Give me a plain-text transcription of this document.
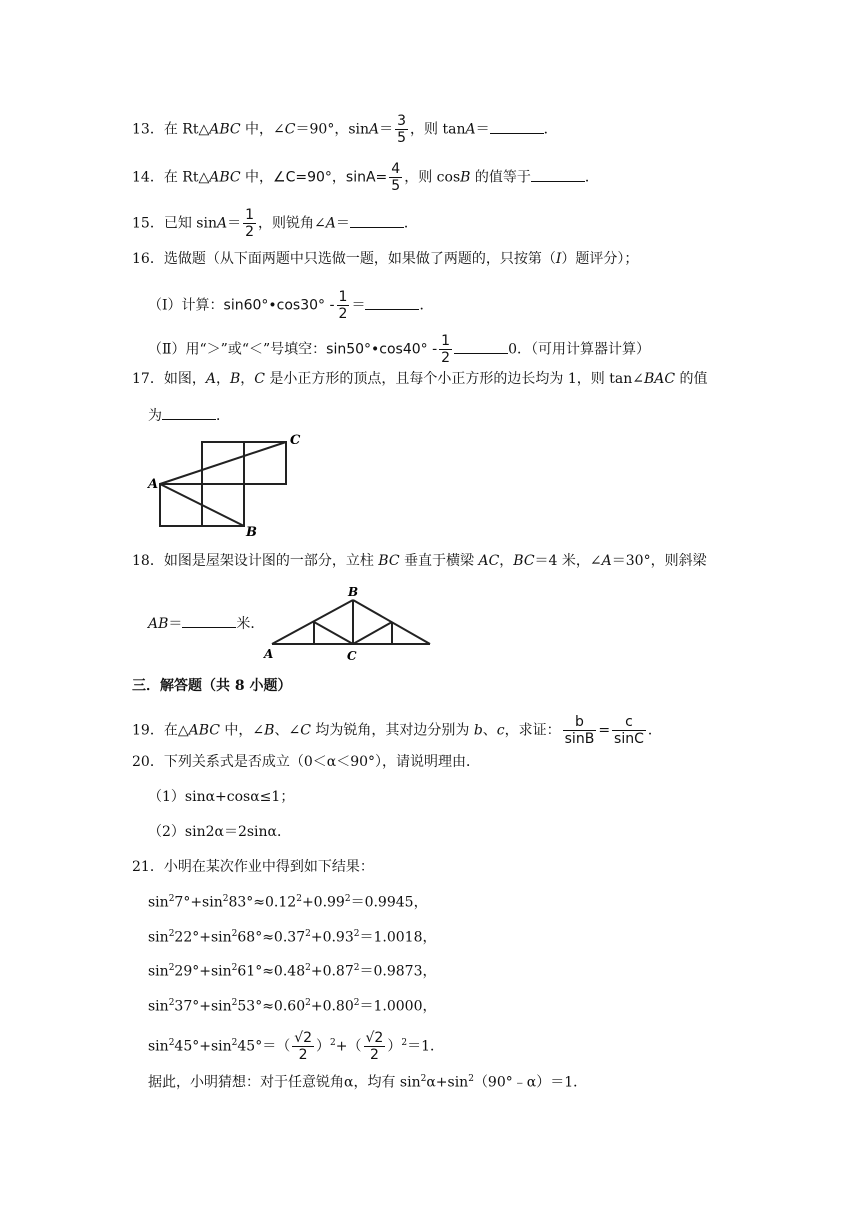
13．在 Rt△ABC 中，∠C＝90°，$\sin A= \frac{3}{5}$ ，则 tanA＝	．
14．在 Rt△ABC 中，∠C=90°，$\sin A= \frac{4}{5}$ ，则 cosB 的值等于	．
15．已知 $\sin A= \frac{1}{2}$ ，则锐角∠A＝	．
16．选做题（从下面两题中只选做一题，如果做了两题的，只按第（I）题评分）；
（Ⅰ）计算：sin60°•cos30° - $\frac{1}{2}$ ＝	．
（Ⅱ）用“＞”或“＜”号填空：sin50°•cos40° - $\frac{1}{2}$	0．（可用计算器计算）
17．如图，A，B，C 是小正方形的顶点，且每个小正方形的边长均为 1，则 tan∠BAC 的值
为	．
A
B
C
18．如图是屋架设计图的一部分，立柱 BC 垂直于横梁 AC，BC＝4 米，∠A＝30°，则斜梁
AB＝	米．
A
B
C
三．解答题（共 8 小题）
19．在△ABC 中，∠B、∠C 均为锐角，其对边分别为 b、c，求证： $\frac{b}{\sin B} = \frac{c}{\sin C}$ ．
20．下列关系式是否成立（0＜α＜90°），请说明理由．
（1）sinα+cosα≤1；
（2）sin2α＝2sinα．
21．小明在某次作业中得到如下结果：
$\sin^27^\circ+\sin^283^\circ\approx 0.12^2+0.99^2=0.9945$，
$\sin^222^\circ+\sin^268^\circ\approx 0.37^2+0.93^2=1.0018$，
$\sin^229^\circ+\sin^261^\circ\approx 0.48^2+0.87^2=0.9873$，
$\sin^237^\circ+\sin^253^\circ\approx 0.60^2+0.80^2=1.0000$，
$\sin^245^\circ+\sin^245^\circ=( \frac{√2}{2} )^2+( \frac{√2}{2} )^2=1$．
据此，小明猜想：对于任意锐角α，均有 $\sin^2\alpha+\sin^2(90^\circ﹣\alpha)=1$．
